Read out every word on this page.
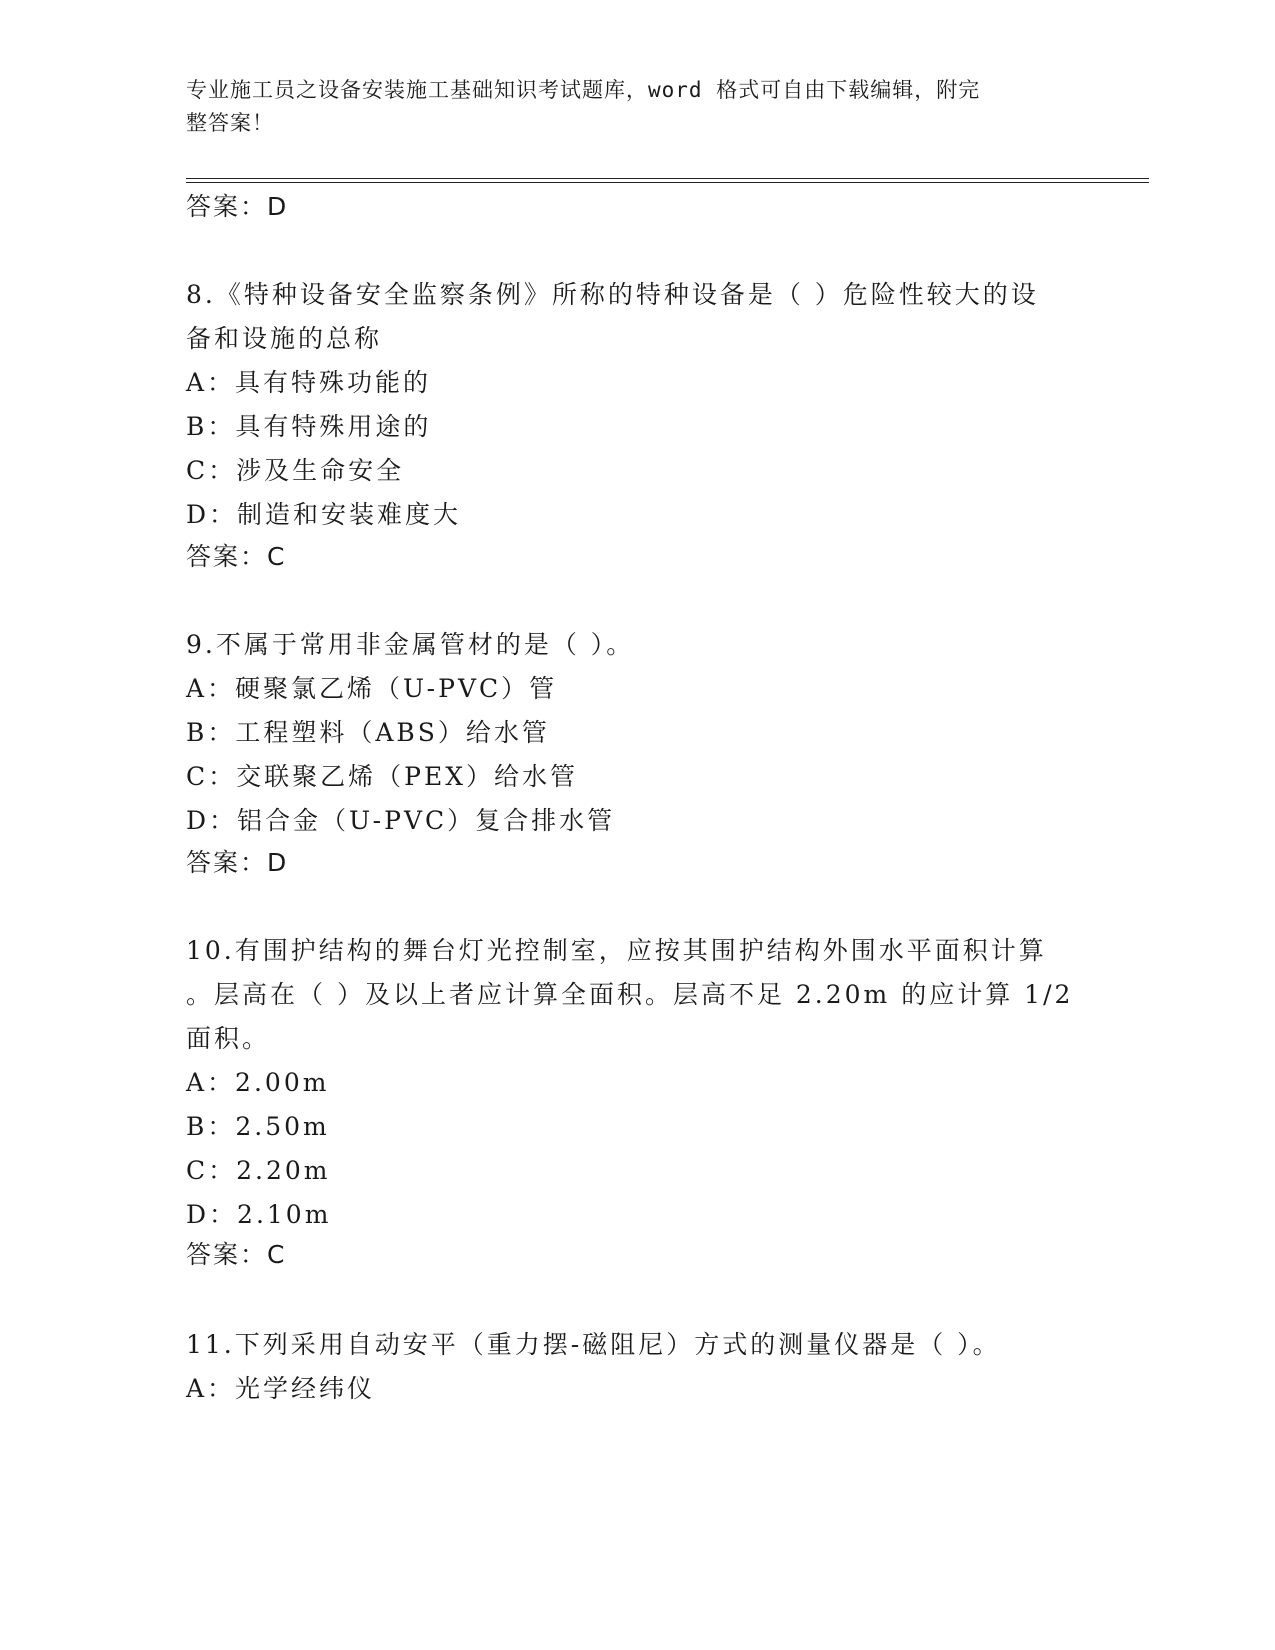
专业施工员之设备安装施工基础知识考试题库，word 格式可自由下载编辑，附完
整答案！
答案：D
8.《特种设备安全监察条例》所称的特种设备是（ ）危险性较大的设
备和设施的总称
A：具有特殊功能的
B：具有特殊用途的
C：涉及生命安全
D：制造和安装难度大
答案：C
9.不属于常用非金属管材的是（ ）。
A：硬聚氯乙烯（U-PVC）管
B：工程塑料（ABS）给水管
C：交联聚乙烯（PEX）给水管
D：铝合金（U-PVC）复合排水管
答案：D
10.有围护结构的舞台灯光控制室，应按其围护结构外围水平面积计算
。层高在（ ）及以上者应计算全面积。层高不足 2.20m 的应计算 1/2
面积。
A：2.00m
B：2.50m
C：2.20m
D：2.10m
答案：C
11.下列采用自动安平（重力摆-磁阻尼）方式的测量仪器是（ ）。
A：光学经纬仪
